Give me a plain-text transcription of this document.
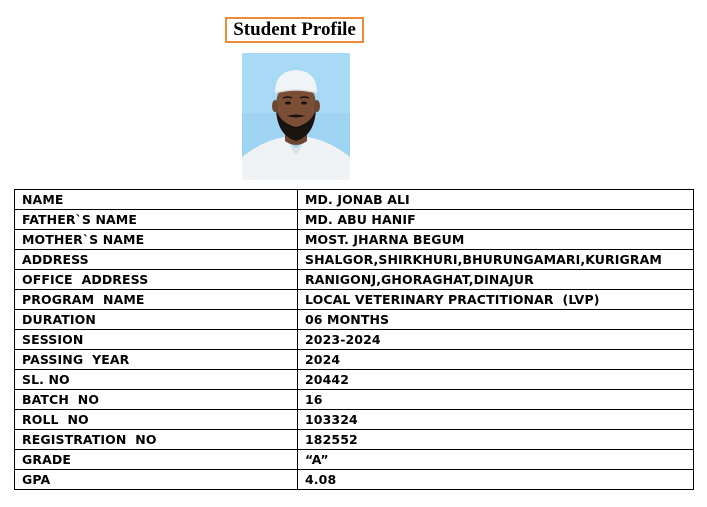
Student Profile
NAME	MD. JONAB ALI
FATHER`S NAME	MD. ABU HANIF
MOTHER`S NAME	MOST. JHARNA BEGUM
ADDRESS	SHALGOR,SHIRKHURI,BHURUNGAMARI,KURIGRAM
OFFICE  ADDRESS	RANIGONJ,GHORAGHAT,DINAJUR
PROGRAM  NAME	LOCAL VETERINARY PRACTITIONAR  (LVP)
DURATION	06 MONTHS
SESSION	2023-2024
PASSING  YEAR	2024
SL. NO	20442
BATCH  NO	16
ROLL  NO	103324
REGISTRATION  NO	182552
GRADE	“A”
GPA	4.08
